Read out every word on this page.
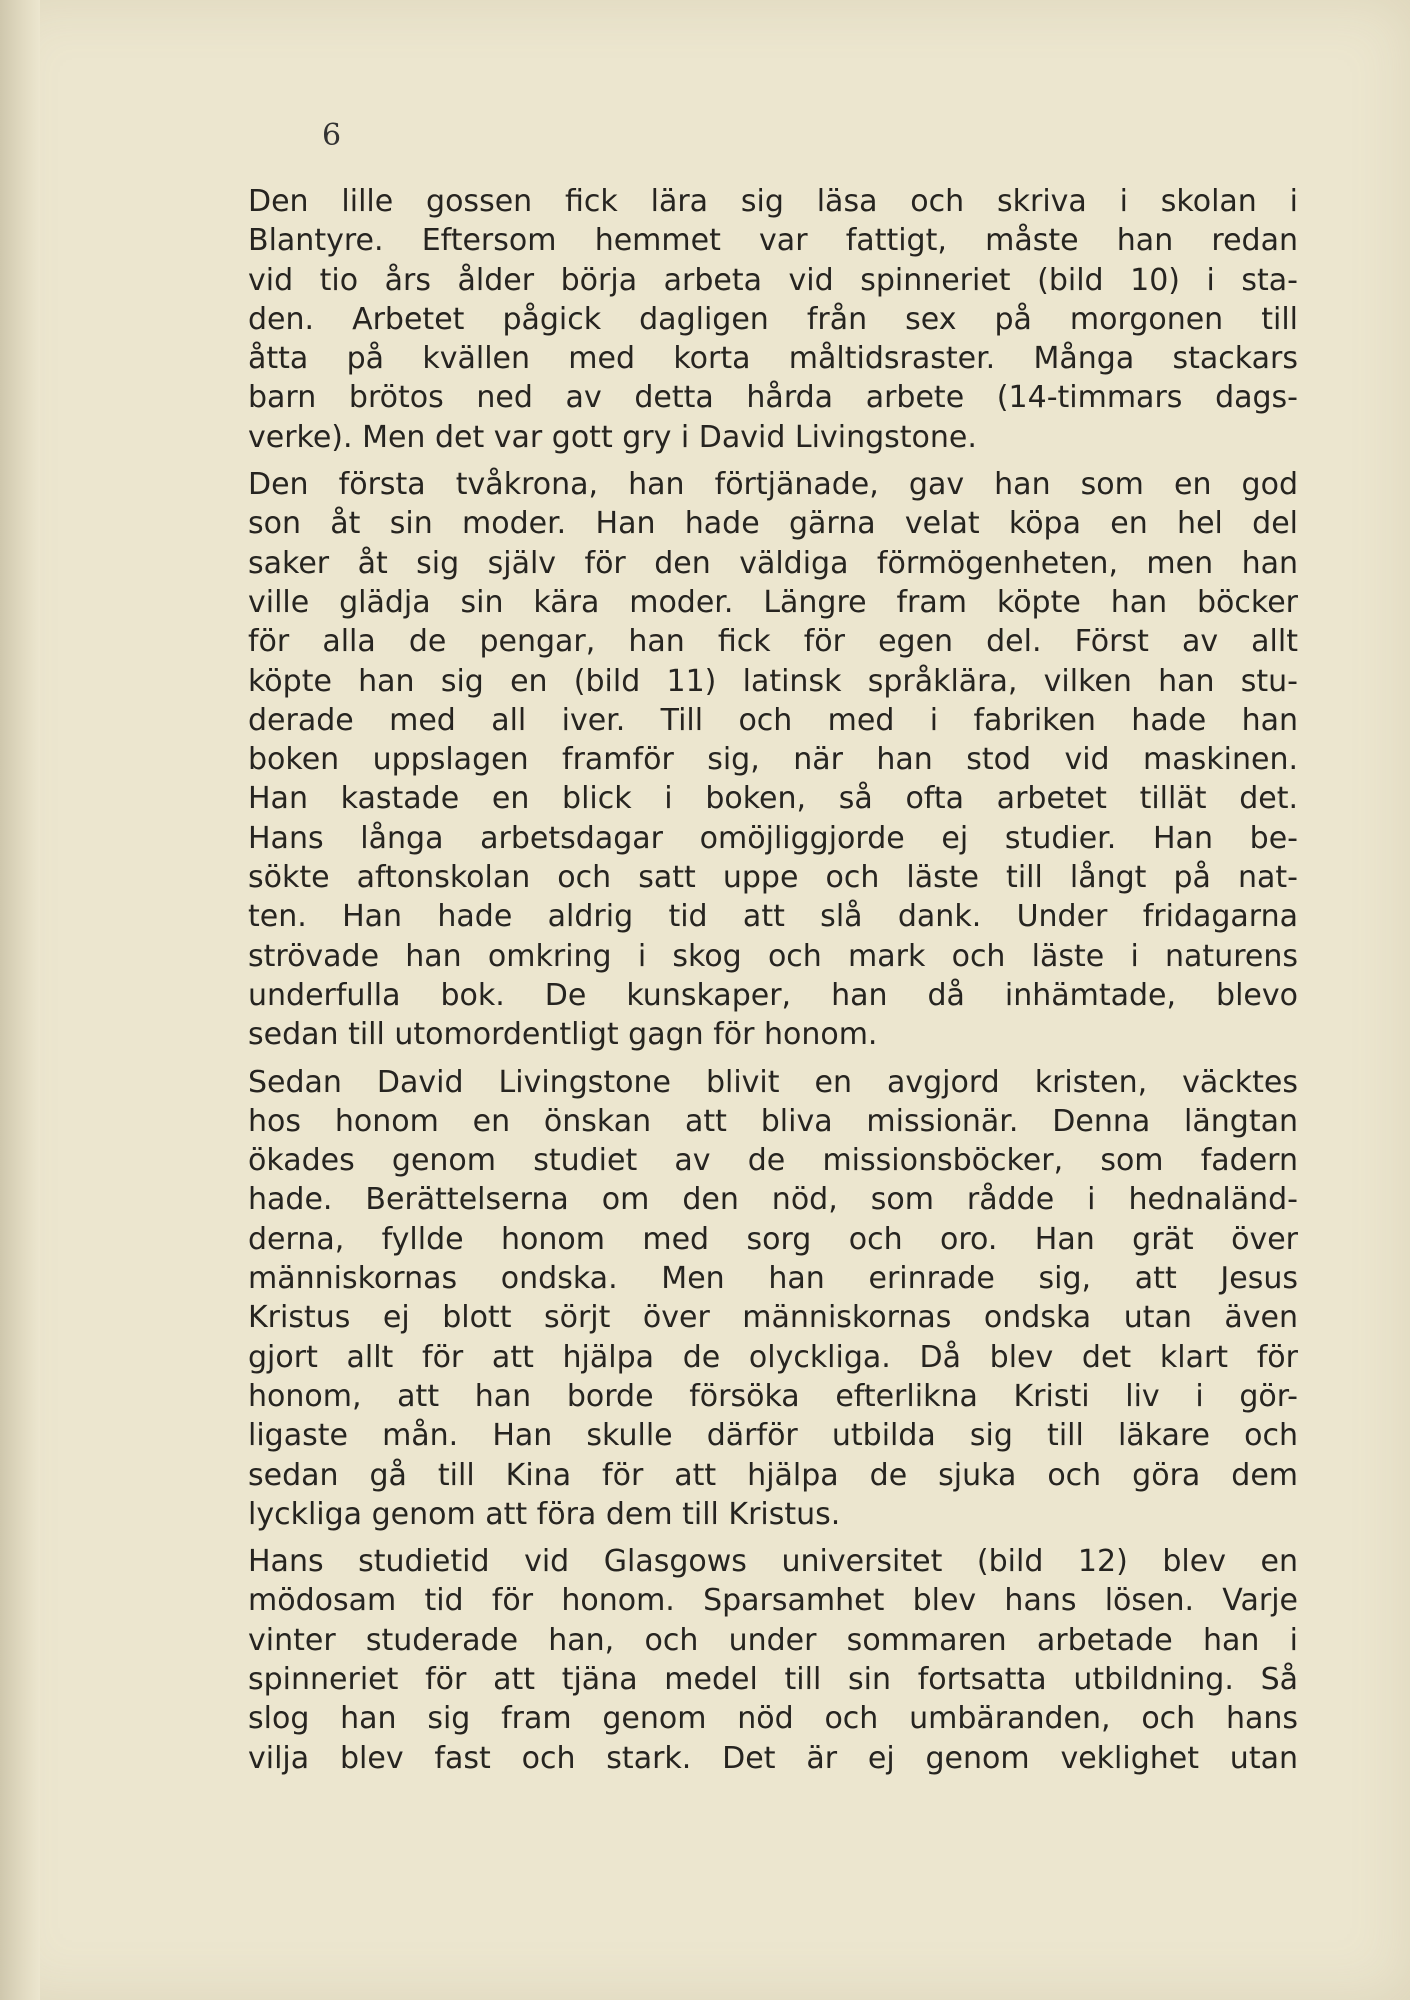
6

Den lille gossen fick lära sig läsa och skriva i skolan i
Blantyre. Eftersom hemmet var fattigt, måste han redan
vid tio års ålder börja arbeta vid spinneriet (bild 10) i sta-
den. Arbetet pågick dagligen från sex på morgonen till
åtta på kvällen med korta måltidsraster. Många stackars
barn brötos ned av detta hårda arbete (14-timmars dags-
verke). Men det var gott gry i David Livingstone.

Den första tvåkrona, han förtjänade, gav han som en god
son åt sin moder. Han hade gärna velat köpa en hel del
saker åt sig själv för den väldiga förmögenheten, men han
ville glädja sin kära moder. Längre fram köpte han böcker
för alla de pengar, han fick för egen del. Först av allt
köpte han sig en (bild 11) latinsk språklära, vilken han stu-
derade med all iver. Till och med i fabriken hade han
boken uppslagen framför sig, när han stod vid maskinen.
Han kastade en blick i boken, så ofta arbetet tillät det.
Hans långa arbetsdagar omöjliggjorde ej studier. Han be-
sökte aftonskolan och satt uppe och läste till långt på nat-
ten. Han hade aldrig tid att slå dank. Under fridagarna
strövade han omkring i skog och mark och läste i naturens
underfulla bok. De kunskaper, han då inhämtade, blevo
sedan till utomordentligt gagn för honom.

Sedan David Livingstone blivit en avgjord kristen, väcktes
hos honom en önskan att bliva missionär. Denna längtan
ökades genom studiet av de missionsböcker, som fadern
hade. Berättelserna om den nöd, som rådde i hednaländ-
derna, fyllde honom med sorg och oro. Han grät över
människornas ondska. Men han erinrade sig, att Jesus
Kristus ej blott sörjt över människornas ondska utan även
gjort allt för att hjälpa de olyckliga. Då blev det klart för
honom, att han borde försöka efterlikna Kristi liv i gör-
ligaste mån. Han skulle därför utbilda sig till läkare och
sedan gå till Kina för att hjälpa de sjuka och göra dem
lyckliga genom att föra dem till Kristus.

Hans studietid vid Glasgows universitet (bild 12) blev en
mödosam tid för honom. Sparsamhet blev hans lösen. Varje
vinter studerade han, och under sommaren arbetade han i
spinneriet för att tjäna medel till sin fortsatta utbildning. Så
slog han sig fram genom nöd och umbäranden, och hans
vilja blev fast och stark. Det är ej genom veklighet utan
